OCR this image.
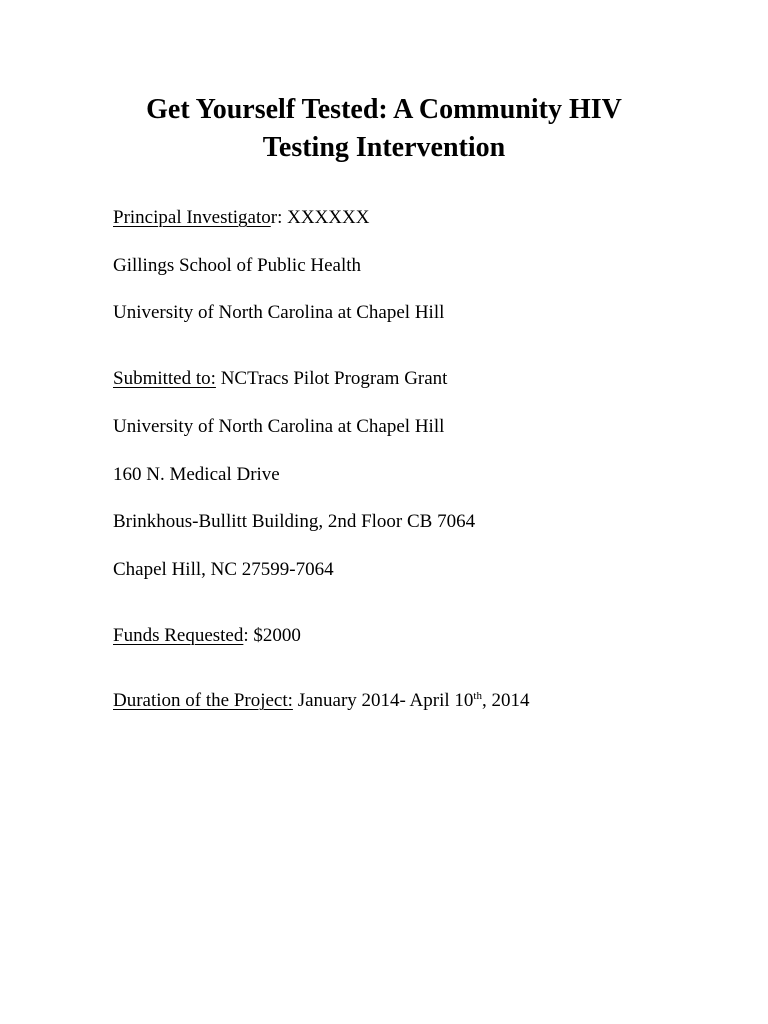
Get Yourself Tested: A Community HIV
Testing Intervention

Principal Investigator: XXXXXX

Gillings School of Public Health

University of North Carolina at Chapel Hill

Submitted to: NCTracs Pilot Program Grant

University of North Carolina at Chapel Hill

160 N. Medical Drive

Brinkhous-Bullitt Building, 2nd Floor CB 7064

Chapel Hill, NC 27599-7064

Funds Requested: $2000

Duration of the Project: January 2014- April 10th, 2014
